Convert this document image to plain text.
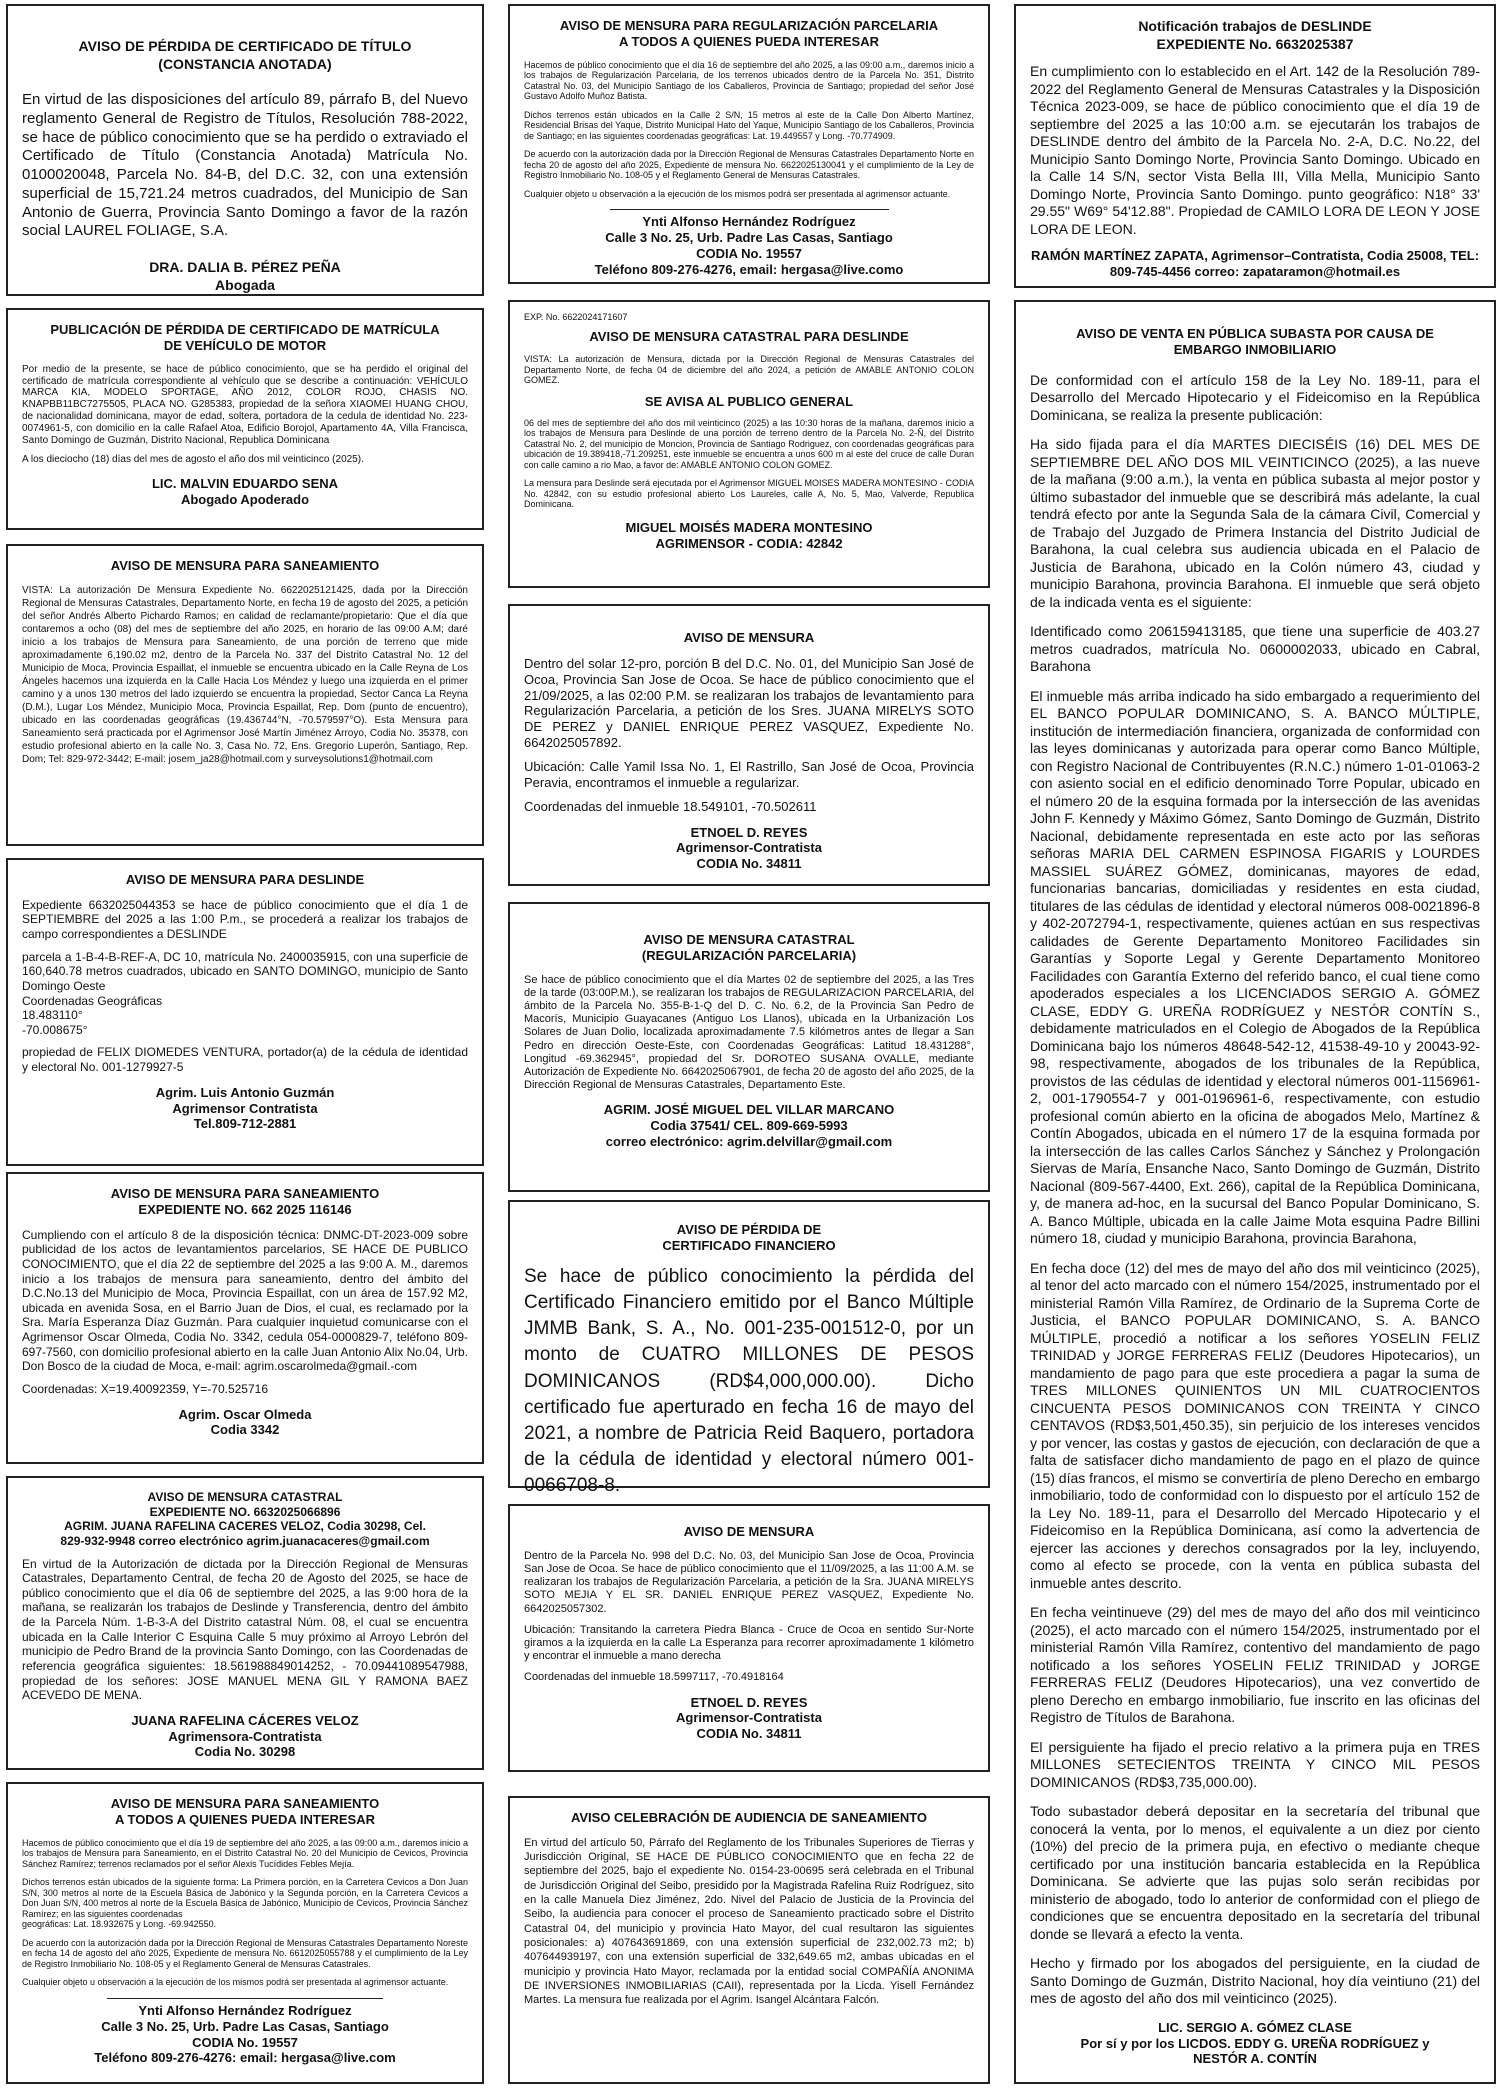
AVISO DE PÉRDIDA DE CERTIFICADO DE TÍTULO
(CONSTANCIA ANOTADA)

En virtud de las disposiciones del artículo 89, párrafo B, del Nuevo reglamento General de Registro de Títulos, Resolución 788-2022, se hace de público conocimiento que se ha perdido o extraviado el Certificado de Título (Constancia Anotada) Matrícula No. 0100020048, Parcela No. 84-B, del D.C. 32, con una extensión superficial de 15,721.24 metros cuadrados, del Municipio de San Antonio de Guerra, Provincia Santo Domingo a favor de la razón social LAUREL FOLIAGE, S.A.

DRA. DALIA B. PÉREZ PEÑA
Abogada
PUBLICACIÓN DE PÉRDIDA DE CERTIFICADO DE MATRÍCULA
DE VEHÍCULO DE MOTOR

Por medio de la presente, se hace de público conocimiento, que se ha perdido el original del certificado de matrícula correspondiente al vehículo que se describe a continuación: VEHÍCULO MARCA KIA, MODELO SPORTAGE, AÑO 2012, COLOR ROJO, CHASIS NO. KNAPBB11BC7275505, PLACA NO. G285383, propiedad de la señora XIAOMEI HUANG CHOU, de nacionalidad dominicana, mayor de edad, soltera, portadora de la cedula de identidad No. 223-0074961-5, con domicilio en la calle Rafael Atoa, Edificio Borojol, Apartamento 4A, Villa Francisca, Santo Domingo de Guzmán, Distrito Nacional, Republica Dominicana

A los dieciocho (18) días del mes de agosto el año dos mil veinticinco (2025).

LIC. MALVIN EDUARDO SENA
Abogado Apoderado
AVISO DE MENSURA PARA SANEAMIENTO

VISTA: La autorización De Mensura Expediente No. 6622025121425, dada por la Dirección Regional de Mensuras Catastrales, Departamento Norte, en fecha 19 de agosto del 2025, a petición del señor Andrés Alberto Pichardo Ramos; en calidad de reclamante/propietario: Que el día que contaremos a ocho (08) del mes de septiembre del año 2025, en horario de las 09:00 A.M; daré inicio a los trabajos de Mensura para Saneamiento, de una porción de terreno que mide aproximadamente 6,190.02 m2, dentro de la Parcela No. 337 del Distrito Catastral No. 12 del Municipio de Moca, Provincia Espaillat, el inmueble se encuentra ubicado en la Calle Reyna de Los Ángeles hacemos una izquierda en la Calle Hacia Los Méndez y luego una izquierda en el primer camino y a unos 130 metros del lado izquierdo se encuentra la propiedad, Sector Canca La Reyna (D.M.), Lugar Los Méndez, Municipio Moca, Provincia Espaillat, Rep. Dom (punto de encuentro), ubicado en las coordenadas geográficas (19.436744°N, -70.579597°O). Esta Mensura para Saneamiento será practicada por el Agrimensor José Martín Jiménez Arroyo, Codia No. 35378, con estudio profesional abierto en la calle No. 3, Casa No. 72, Ens. Gregorio Luperón, Santiago, Rep. Dom; Tel: 829-972-3442; E-mail: josem_ja28@hotmail.com y surveysolutions1@hotmail.com

AVISO DE MENSURA PARA DESLINDE

Expediente 6632025044353 se hace de público conocimiento que el día 1 de SEPTIEMBRE del 2025 a las 1:00 P.m., se procederá a realizar los trabajos de campo correspondientes a DESLINDE

parcela a 1-B-4-B-REF-A, DC 10, matrícula No. 2400035915, con una superficie de 160,640.78 metros cuadrados, ubicado en SANTO DOMINGO, municipio de Santo Domingo Oeste

Coordenadas Geográficas
18.483110°
-70.008675°

propiedad de FELIX DIOMEDES VENTURA, portador(a) de la cédula de identidad y electoral No. 001-1279927-5

Agrim. Luis Antonio Guzmán
Agrimensor Contratista
Tel.809-712-2881
AVISO DE MENSURA PARA SANEAMIENTO
EXPEDIENTE NO. 662 2025 116146

Cumpliendo con el artículo 8 de la disposición técnica: DNMC-DT-2023-009 sobre publicidad de los actos de levantamientos parcelarios, SE HACE DE PUBLICO CONOCIMIENTO, que el día 22 de septiembre del 2025 a las 9:00 A. M., daremos inicio a los trabajos de mensura para saneamiento, dentro del ámbito del D.C.No.13 del Municipio de Moca, Provincia Espaillat, con un área de 157.92 M2, ubicada en avenida Sosa, en el Barrio Juan de Dios, el cual, es reclamado por la Sra. María Esperanza Díaz Guzmán. Para cualquier inquietud comunicarse con el Agrimensor Oscar Olmeda, Codia No. 3342, cedula 054-0000829-7, teléfono 809-697-7560, con domicilio profesional abierto en la calle Juan Antonio Alix No.04, Urb. Don Bosco de la ciudad de Moca, e-mail: agrim.oscarolmeda@gmail.-com

Coordenadas: X=19.40092359, Y=-70.525716

Agrim. Oscar Olmeda
Codia 3342
AVISO DE MENSURA CATASTRAL
EXPEDIENTE NO. 6632025066896
AGRIM. JUANA RAFELINA CACERES VELOZ, Codia 30298, Cel.
829-932-9948 correo electrónico agrim.juanacaceres@gmail.com

En virtud de la Autorización de dictada por la Dirección Regional de Mensuras Catastrales, Departamento Central, de fecha 20 de Agosto del 2025, se hace de público conocimiento que el día 06 de septiembre del 2025, a las 9:00 hora de la mañana, se realizarán los trabajos de Deslinde y Transferencia, dentro del ámbito de la Parcela Núm. 1-B-3-A del Distrito catastral Núm. 08, el cual se encuentra ubicada en la Calle Interior C Esquina Calle 5 muy próximo al Arroyo Lebrón del municipio de Pedro Brand de la provincia Santo Domingo, con las Coordenadas de referencia geográfica siguientes: 18.561988849014252, - 70.09441089547988, propiedad de los señores: JOSE MANUEL MENA GIL Y RAMONA BAEZ ACEVEDO DE MENA.

JUANA RAFELINA CÁCERES VELOZ
Agrimensora-Contratista
Codia No. 30298
AVISO DE MENSURA PARA SANEAMIENTO
A TODOS A QUIENES PUEDA INTERESAR

Hacemos de público conocimiento que el día 19 de septiembre del año 2025, a las 09:00 a.m., daremos inicio a los trabajos de Mensura para Saneamiento, en el Distrito Catastral No. 20 del Municipio de Cevicos, Provincia Sánchez Ramírez; terrenos reclamados por el señor Alexis Tucídides Febles Mejía.

Dichos terrenos están ubicados de la siguiente forma: La Primera porción, en la Carretera Cevicos a Don Juan S/N, 300 metros al norte de la Escuela Básica de Jabónico y la Segunda porción, en la Carretera Cevicos a Don Juan S/N, 400 metros al norte de la Escuela Básica de Jabónico, Municipio de Cevicos, Provincia Sánchez Ramírez; en las siguientes coordenadas

geográficas: Lat. 18.932675 y Long. -69.942550.

De acuerdo con la autorización dada por la Dirección Regional de Mensuras Catastrales Departamento Noreste en fecha 14 de agosto del año 2025, Expediente de mensura No. 6612025055788 y el cumplimiento de la Ley de Registro Inmobiliario No. 108-05 y el Reglamento General de Mensuras Catastrales.

Cualquier objeto u observación a la ejecución de los mismos podrá ser presentada al agrimensor actuante.

Ynti Alfonso Hernández Rodríguez
Calle 3 No. 25, Urb. Padre Las Casas, Santiago
CODIA No. 19557
Teléfono 809-276-4276: email: hergasa@live.com
AVISO DE MENSURA PARA REGULARIZACIÓN PARCELARIA
A TODOS A QUIENES PUEDA INTERESAR

Hacemos de público conocimiento que el día 16 de septiembre del año 2025, a las 09:00 a.m., daremos inicio a los trabajos de Regularización Parcelaria, de los terrenos ubicados dentro de la Parcela No. 351, Distrito Catastral No. 03, del Municipio Santiago de los Caballeros, Provincia de Santiago; propiedad del señor José Gustavo Adolfo Muñoz Batista.

Dichos terrenos están ubicados en la Calle 2 S/N, 15 metros al este de la Calle Don Alberto Martínez, Residencial Brisas del Yaque, Distrito Municipal Hato del Yaque, Municipio Santiago de los Caballeros, Provincia de Santiago; en las siguientes coordenadas geográficas: Lat. 19.449557 y Long. -70.774909.

De acuerdo con la autorización dada por la Dirección Regional de Mensuras Catastrales Departamento Norte en fecha 20 de agosto del año 2025, Expediente de mensura No. 6622025130041 y el cumplimiento de la Ley de Registro Inmobiliario No. 108-05 y el Reglamento General de Mensuras Catastrales.

Cualquier objeto u observación a la ejecución de los mismos podrá ser presentada al agrimensor actuante.

Ynti Alfonso Hernández Rodríguez
Calle 3 No. 25, Urb. Padre Las Casas, Santiago
CODIA No. 19557
Teléfono 809-276-4276, email: hergasa@live.como
EXP. No. 6622024171607
AVISO DE MENSURA CATASTRAL PARA DESLINDE

VISTA: La autorización de Mensura, dictada por la Dirección Regional de Mensuras Catastrales del Departamento Norte, de fecha 04 de diciembre del año 2024, a petición de AMABLE ANTONIO COLON GOMEZ.

SE AVISA AL PUBLICO GENERAL

06 del mes de septiembre del año dos mil veinticinco (2025) a las 10:30 horas de la mañana, daremos inicio a los trabajos de Mensura para Deslinde de una porción de terreno dentro de la Parcela No. 2-Ñ, del Distrito Catastral No. 2, del municipio de Moncion, Provincia de Santiago Rodriguez, con coordenadas geográficas para ubicación de 19.389418,-71.209251, este inmueble se encuentra a unos 600 m al este del cruce de calle Duran con calle camino a rio Mao, a favor de: AMABLE ANTONIO COLON GOMEZ.

La mensura para Deslinde será ejecutada por el Agrimensor MIGUEL MOISES MADERA MONTESINO - CODIA No. 42842, con su estudio profesional abierto Los Laureles, calle A, No. 5, Mao, Valverde, Republica Dominicana.

MIGUEL MOISÉS MADERA MONTESINO
AGRIMENSOR - CODIA: 42842
AVISO DE MENSURA

Dentro del solar 12-pro, porción B del D.C. No. 01, del Municipio San José de Ocoa, Provincia San Jose de Ocoa. Se hace de público conocimiento que el 21/09/2025, a las 02:00 P.M. se realizaran los trabajos de levantamiento para Regularización Parcelaria, a petición de los Sres. JUANA MIRELYS SOTO DE PEREZ y DANIEL ENRIQUE PEREZ VASQUEZ, Expediente No. 6642025057892.

Ubicación: Calle Yamil Issa No. 1, El Rastrillo, San José de Ocoa, Provincia Peravia, encontramos el inmueble a regularizar.

Coordenadas del inmueble 18.549101, -70.502611

ETNOEL D. REYES
Agrimensor-Contratista
CODIA No. 34811
AVISO DE MENSURA CATASTRAL
(REGULARIZACIÓN PARCELARIA)

Se hace de público conocimiento que el día Martes 02 de septiembre del 2025, a las Tres de la tarde (03:00P.M.), se realizaran los trabajos de REGULARIZACION PARCELARIA, del ámbito de la Parcela No. 355-B-1-Q del D. C. No. 6.2, de la Provincia San Pedro de Macorís, Municipio Guayacanes (Antiguo Los Llanos), ubicada en la Urbanización Los Solares de Juan Dolio, localizada aproximadamente 7.5 kilómetros antes de llegar a San Pedro en dirección Oeste-Este, con Coordenadas Geográficas: Latitud 18.431288°, Longitud -69.362945°, propiedad del Sr. DOROTEO SUSANA OVALLE, mediante Autorización de Expediente No. 6642025067901, de fecha 20 de agosto del año 2025, de la Dirección Regional de Mensuras Catastrales, Departamento Este.

AGRIM. JOSÉ MIGUEL DEL VILLAR MARCANO
Codia 37541/ CEL. 809-669-5993
correo electrónico: agrim.delvillar@gmail.com
AVISO DE PÉRDIDA DE
CERTIFICADO FINANCIERO

Se hace de público conocimiento la pérdida del Certificado Financiero emitido por el Banco Múltiple JMMB Bank, S. A., No. 001-235-001512-0, por un monto de CUATRO MILLONES DE PESOS DOMINICANOS (RD$4,000,000.00). Dicho certificado fue aperturado en fecha 16 de mayo del 2021, a nombre de Patricia Reid Baquero, portadora de la cédula de identidad y electoral número 001-0066708-8.

AVISO DE MENSURA

Dentro de la Parcela No. 998 del D.C. No. 03, del Municipio San Jose de Ocoa, Provincia San Jose de Ocoa. Se hace de público conocimiento que el 11/09/2025, a las 11:00 A.M. se realizaran los trabajos de Regularización Parcelaria, a petición de la Sra. JUANA MIRELYS SOTO MEJIA Y EL SR. DANIEL ENRIQUE PEREZ VASQUEZ, Expediente No. 6642025057302.

Ubicación: Transitando la carretera Piedra Blanca - Cruce de Ocoa en sentido Sur-Norte giramos a la izquierda en la calle La Esperanza para recorrer aproximadamente 1 kilómetro y encontrar el inmueble a mano derecha

Coordenadas del inmueble 18.5997117, -70.4918164

ETNOEL D. REYES
Agrimensor-Contratista
CODIA No. 34811
AVISO CELEBRACIÓN DE AUDIENCIA DE SANEAMIENTO

En virtud del artículo 50, Párrafo del Reglamento de los Tribunales Superiores de Tierras y Jurisdicción Original, SE HACE DE PÚBLICO CONOCIMIENTO que en fecha 22 de septiembre del 2025, bajo el expediente No. 0154-23-00695 será celebrada en el Tribunal de Jurisdicción Original del Seibo, presidido por la Magistrada Rafelina Ruiz Rodríguez, sito en la calle Manuela Diez Jiménez, 2do. Nivel del Palacio de Justicia de la Provincia del Seibo, la audiencia para conocer el proceso de Saneamiento practicado sobre el Distrito Catastral 04, del municipio y provincia Hato Mayor, del cual resultaron las siguientes posicionales: a) 407643691869, con una extensión superficial de 232,002.73 m2; b) 407644939197, con una extensión superficial de 332,649.65 m2, ambas ubicadas en el municipio y provincia Hato Mayor, reclamada por la entidad social COMPAÑÍA ANONIMA DE INVERSIONES INMOBILIARIAS (CAII), representada por la Licda. Yisell Fernández Martes. La mensura fue realizada por el Agrim. Isangel Alcántara Falcón.

Notificación trabajos de DESLINDE
EXPEDIENTE No. 6632025387

En cumplimiento con lo establecido en el Art. 142 de la Resolución 789-2022 del Reglamento General de Mensuras Catastrales y la Disposición Técnica 2023-009, se hace de público conocimiento que el día 19 de septiembre del 2025 a las 10:00 a.m. se ejecutarán los trabajos de DESLINDE dentro del ámbito de la Parcela No. 2-A, D.C. No.22, del Municipio Santo Domingo Norte, Provincia Santo Domingo. Ubicado en la Calle 14 S/N, sector Vista Bella III, Villa Mella, Municipio Santo Domingo Norte, Provincia Santo Domingo. punto geográfico: N18° 33' 29.55" W69° 54'12.88". Propiedad de CAMILO LORA DE LEON Y JOSE LORA DE LEON.

RAMÓN MARTÍNEZ ZAPATA, Agrimensor–Contratista, Codia 25008, TEL: 809-745-4456 correo: zapataramon@hotmail.es
AVISO DE VENTA EN PÚBLICA SUBASTA POR CAUSA DE
EMBARGO INMOBILIARIO

De conformidad con el artículo 158 de la Ley No. 189-11, para el Desarrollo del Mercado Hipotecario y el Fideicomiso en la República Dominicana, se realiza la presente publicación:

Ha sido fijada para el día MARTES DIECISÉIS (16) DEL MES DE SEPTIEMBRE DEL AÑO DOS MIL VEINTICINCO (2025), a las nueve de la mañana (9:00 a.m.), la venta en pública subasta al mejor postor y último subastador del inmueble que se describirá más adelante, la cual tendrá efecto por ante la Segunda Sala de la cámara Civil, Comercial y de Trabajo del Juzgado de Primera Instancia del Distrito Judicial de Barahona, la cual celebra sus audiencia ubicada en el Palacio de Justicia de Barahona, ubicado en la Colón número 43, ciudad y municipio Barahona, provincia Barahona. El inmueble que será objeto de la indicada venta es el siguiente:

Identificado como 206159413185, que tiene una superficie de 403.27 metros cuadrados, matrícula No. 0600002033, ubicado en Cabral, Barahona

El inmueble más arriba indicado ha sido embargado a requerimiento del EL BANCO POPULAR DOMINICANO, S. A. BANCO MÚLTIPLE, institución de intermediación financiera, organizada de conformidad con las leyes dominicanas y autorizada para operar como Banco Múltiple, con Registro Nacional de Contribuyentes (R.N.C.) número 1-01-01063-2 con asiento social en el edificio denominado Torre Popular, ubicado en el número 20 de la esquina formada por la intersección de las avenidas John F. Kennedy y Máximo Gómez, Santo Domingo de Guzmán, Distrito Nacional, debidamente representada en este acto por las señoras señoras MARIA DEL CARMEN ESPINOSA FIGARIS y LOURDES MASSIEL SUÁREZ GÓMEZ, dominicanas, mayores de edad, funcionarias bancarias, domiciliadas y residentes en esta ciudad, titulares de las cédulas de identidad y electoral números 008-0021896-8 y 402-2072794-1, respectivamente, quienes actúan en sus respectivas calidades de Gerente Departamento Monitoreo Facilidades sin Garantías y Soporte Legal y Gerente Departamento Monitoreo Facilidades con Garantía Externo del referido banco, el cual tiene como apoderados especiales a los LICENCIADOS SERGIO A. GÓMEZ CLASE, EDDY G. UREÑA RODRÍGUEZ y NESTÓR CONTÍN S., debidamente matriculados en el Colegio de Abogados de la República Dominicana bajo los números 48648-542-12, 41538-49-10 y 20043-92-98, respectivamente, abogados de los tribunales de la República, provistos de las cédulas de identidad y electoral números 001-1156961-2, 001-1790554-7 y 001-0196961-6, respectivamente, con estudio profesional común abierto en la oficina de abogados Melo, Martínez & Contín Abogados, ubicada en el número 17 de la esquina formada por la intersección de las calles Carlos Sánchez y Sánchez y Prolongación Siervas de María, Ensanche Naco, Santo Domingo de Guzmán, Distrito Nacional (809-567-4400, Ext. 266), capital de la República Dominicana, y, de manera ad-hoc, en la sucursal del Banco Popular Dominicano, S. A. Banco Múltiple, ubicada en la calle Jaime Mota esquina Padre Billini número 18, ciudad y municipio Barahona, provincia Barahona,

En fecha doce (12) del mes de mayo del año dos mil veinticinco (2025), al tenor del acto marcado con el número 154/2025, instrumentado por el ministerial Ramón Villa Ramírez, de Ordinario de la Suprema Corte de Justicia, el BANCO POPULAR DOMINICANO, S. A. BANCO MÚLTIPLE, procedió a notificar a los señores YOSELIN FELIZ TRINIDAD y JORGE FERRERAS FELIZ (Deudores Hipotecarios), un mandamiento de pago para que este procediera a pagar la suma de TRES MILLONES QUINIENTOS UN MIL CUATROCIENTOS CINCUENTA PESOS DOMINICANOS CON TREINTA Y CINCO CENTAVOS (RD$3,501,450.35), sin perjuicio de los intereses vencidos y por vencer, las costas y gastos de ejecución, con declaración de que a falta de satisfacer dicho mandamiento de pago en el plazo de quince (15) días francos, el mismo se convertiría de pleno Derecho en embargo inmobiliario, todo de conformidad con lo dispuesto por el artículo 152 de la Ley No. 189-11, para el Desarrollo del Mercado Hipotecario y el Fideicomiso en la República Dominicana, así como la advertencia de ejercer las acciones y derechos consagrados por la ley, incluyendo, como al efecto se procede, con la venta en pública subasta del inmueble antes descrito.

En fecha veintinueve (29) del mes de mayo del año dos mil veinticinco (2025), el acto marcado con el número 154/2025, instrumentado por el ministerial Ramón Villa Ramírez, contentivo del mandamiento de pago notificado a los señores YOSELIN FELIZ TRINIDAD y JORGE FERRERAS FELIZ (Deudores Hipotecarios), una vez convertido de pleno Derecho en embargo inmobiliario, fue inscrito en las oficinas del Registro de Títulos de Barahona.

El persiguiente ha fijado el precio relativo a la primera puja en TRES MILLONES SETECIENTOS TREINTA Y CINCO MIL PESOS DOMINICANOS (RD$3,735,000.00).

Todo subastador deberá depositar en la secretaría del tribunal que conocerá la venta, por lo menos, el equivalente a un diez por ciento (10%) del precio de la primera puja, en efectivo o mediante cheque certificado por una institución bancaria establecida en la República Dominicana. Se advierte que las pujas solo serán recibidas por ministerio de abogado, todo lo anterior de conformidad con el pliego de condiciones que se encuentra depositado en la secretaría del tribunal donde se llevará a efecto la venta.

Hecho y firmado por los abogados del persiguiente, en la ciudad de Santo Domingo de Guzmán, Distrito Nacional, hoy día veintiuno (21) del mes de agosto del año dos mil veinticinco (2025).

LIC. SERGIO A. GÓMEZ CLASE
Por sí y por los LICDOS. EDDY G. UREÑA RODRÍGUEZ y
NESTÓR A. CONTÍN
